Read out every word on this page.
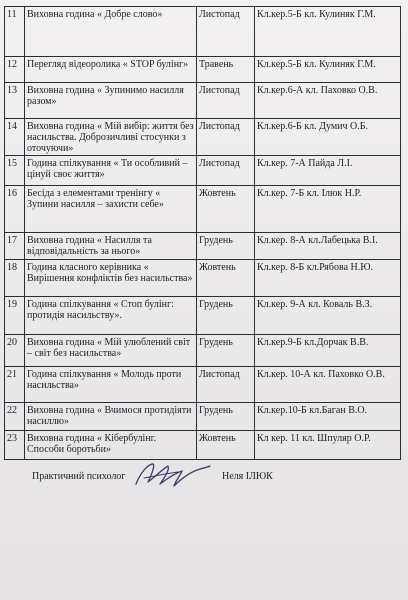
11	Виховна година « Добре слово»	Листопад	Кл.кер.5-Б кл. Кулиняк Г.М.
12	Перегляд відеоролика « STOP булінг»	Травень	Кл.кер.5-Б кл. Кулиняк Г.М.
13	Виховна година « Зупинимо насилля разом»	Листопад	Кл.кер.6-А кл. Паховко О.В.
14	Виховна година « Мій вибір: життя без насильства. Доброзичливі стосунки з оточуючи»	Листопад	Кл.кер.6-Б кл. Думич О.Б.
15	Година спілкування « Ти особливий – цінуй своє життя»	Листопад	Кл.кер. 7-А Пайда Л.І.
16	Бесіда з елементами тренінгу « Зупини насилля – захисти себе»	Жовтень	Кл.кер. 7-Б кл. Ілюк Н.Р.
17	Виховна година « Насилля та відповідальність за нього»	Грудень	Кл.кер. 8-А кл.Лабецька В.І.
18	Година класного керівника « Вирішення конфліктів без насильства»	Жовтень	Кл.кер. 8-Б кл.Рябова Н.Ю.
19	Година спілкування « Стоп булінг: протидія насильству».	Грудень	Кл.кер. 9-А кл. Коваль В.З.
20	Виховна година « Мій улюблений світ – світ без насильства»	Грудень	Кл.кер.9-Б кл.Дорчак В.В.
21	Година спілкування « Молодь проти насильства»	Листопад	Кл.кер. 10-А кл. Паховко О.В.
22	Виховна година « Вчимося протидіяти насиллю»	Грудень	Кл.кер.10-Б кл.Баган В.О.
23	Виховна година « Кібербулінг. Способи боротьби»	Жовтень	Кл кер. 11 кл. Шпуляр О.Р.
Практичний психолог	Неля ІЛЮК
